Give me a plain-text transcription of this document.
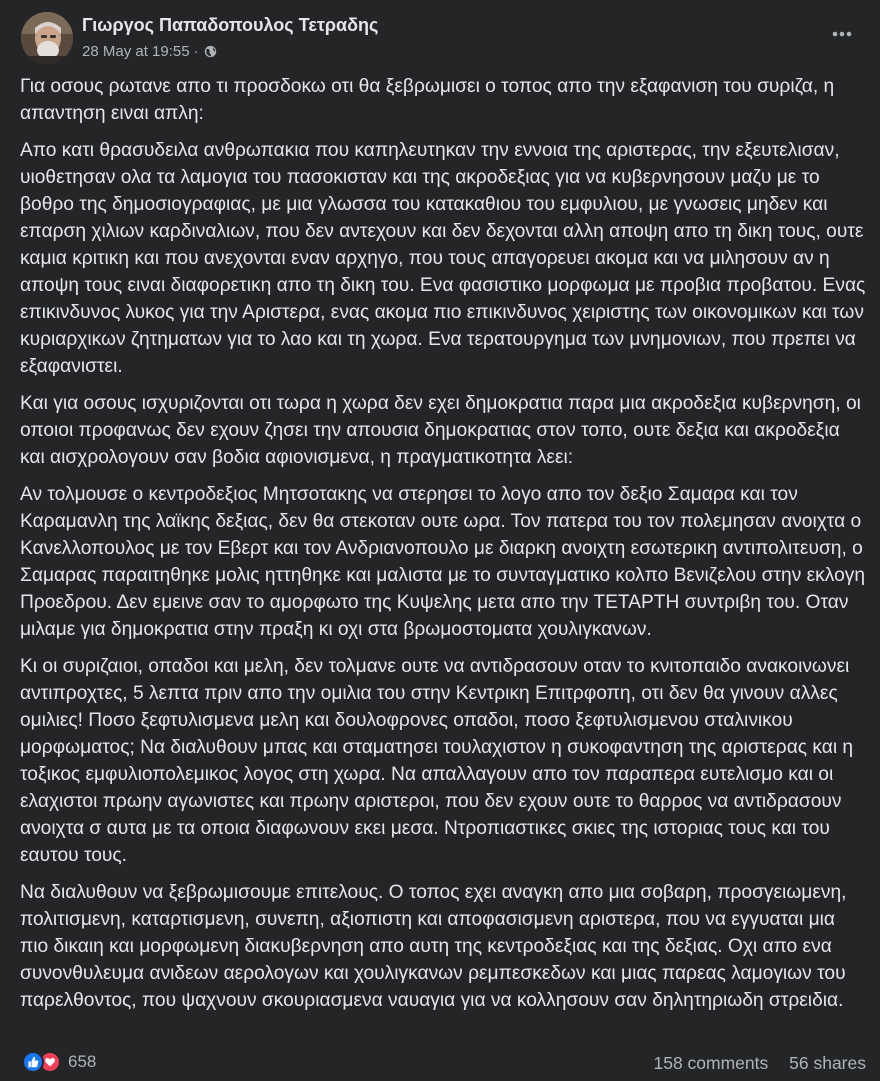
Γιωργος Παπαδοπουλος Τετραδης
28 May at 19:55 ·

Για οσους ρωτανε απο τι προσδοκω οτι θα ξεβρωμισει ο τοπος απο την εξαφανιση του συριζα, η απαντηση ειναι απλη:

Απο κατι θρασυδειλα ανθρωπακια που καπηλευτηκαν την εννοια της αριστερας, την εξευτελισαν, υιοθετησαν ολα τα λαμογια του πασοκισταν και της ακροδεξιας για να κυβερνησουν μαζυ με το βοθρο της δημοσιογραφιας, με μια γλωσσα του κατακαθιου του εμφυλιου, με γνωσεις μηδεν και επαρση χιλιων καρδιναλιων, που δεν αντεχουν και δεν δεχονται αλλη αποψη απο τη δικη τους, ουτε καμια κριτικη και που ανεχονται εναν αρχηγο, που τους απαγορευει ακομα και να μιλησουν αν η αποψη τους ειναι διαφορετικη απο τη δικη του. Ενα φασιστικο μορφωμα με προβια προβατου. Ενας επικινδυνος λυκος για την Αριστερα, ενας ακομα πιο επικινδυνος χειριστης των οικονομικων και των κυριαρχικων ζητηματων για το λαο και τη χωρα. Ενα τερατουργημα των μνημονιων, που πρεπει να εξαφανιστει.

Και για οσους ισχυριζονται οτι τωρα η χωρα δεν εχει δημοκρατια παρα μια ακροδεξια κυβερνηση, οι οποιοι προφανως δεν εχουν ζησει την απουσια δημοκρατιας στον τοπο, ουτε δεξια και ακροδεξια και αισχρολογουν σαν βοδια αφιονισμενα, η πραγματικοτητα λεει:

Αν τολμουσε ο κεντροδεξιος Μητσοτακης να στερησει το λογο απο τον δεξιο Σαμαρα και τον Καραμανλη της λαϊκης δεξιας, δεν θα στεκοταν ουτε ωρα. Τον πατερα του τον πολεμησαν ανοιχτα ο Κανελλοπουλος με τον Εβερτ και τον Ανδριανοπουλο με διαρκη ανοιχτη εσωτερικη αντιπολιτευση, ο Σαμαρας παραιτηθηκε μολις ηττηθηκε και μαλιστα με το συνταγματικο κολπο Βενιζελου στην εκλογη Προεδρου. Δεν εμεινε σαν το αμορφωτο της Κυψελης μετα απο την ΤΕΤΑΡΤΗ συντριβη του. Οταν μιλαμε για δημοκρατια στην πραξη κι οχι στα βρωμοστοματα χουλιγκανων.

Κι οι συριζαιοι, οπαδοι και μελη, δεν τολμανε ουτε να αντιδρασουν οταν το κνιτοπαιδο ανακοινωνει αντιπροχτες, 5 λεπτα πριν απο την ομιλια του στην Κεντρικη Επιτρφοπη, οτι δεν θα γινουν αλλες ομιλιες! Ποσο ξεφτυλισμενα μελη και δουλοφρονες οπαδοι, ποσο ξεφτυλισμενου σταλινικου μορφωματος; Να διαλυθουν μπας και σταματησει τουλαχιστον η συκοφαντηση της αριστερας και η τοξικος εμφυλιοπολεμικος λογος στη χωρα. Να απαλλαγουν απο τον παραπερα ευτελισμο και οι ελαχιστοι πρωην αγωνιστες και πρωην αριστεροι, που δεν εχουν ουτε το θαρρος να αντιδρασουν ανοιχτα σ αυτα με τα οποια διαφωνουν εκει μεσα. Ντροπιαστικες σκιες της ιστοριας τους και του εαυτου τους.

Να διαλυθουν να ξεβρωμισουμε επιτελους. Ο τοπος εχει αναγκη απο μια σοβαρη, προσγειωμενη, πολιτισμενη, καταρτισμενη, συνεπη, αξιοπιστη και αποφασισμενη αριστερα, που να εγγυαται μια πιο δικαιη και μορφωμενη διακυβερνηση απο αυτη της κεντροδεξιας και της δεξιας. Οχι απο ενα συνονθυλευμα ανιδεων αερολογων και χουλιγκανων ρεμπεσκεδων και μιας παρεας λαμογιων του παρελθοντος, που ψαχνουν σκουριασμενα ναυαγια για να κολλησουν σαν δηλητηριωδη στρειδια.

658	158 comments 56 shares
